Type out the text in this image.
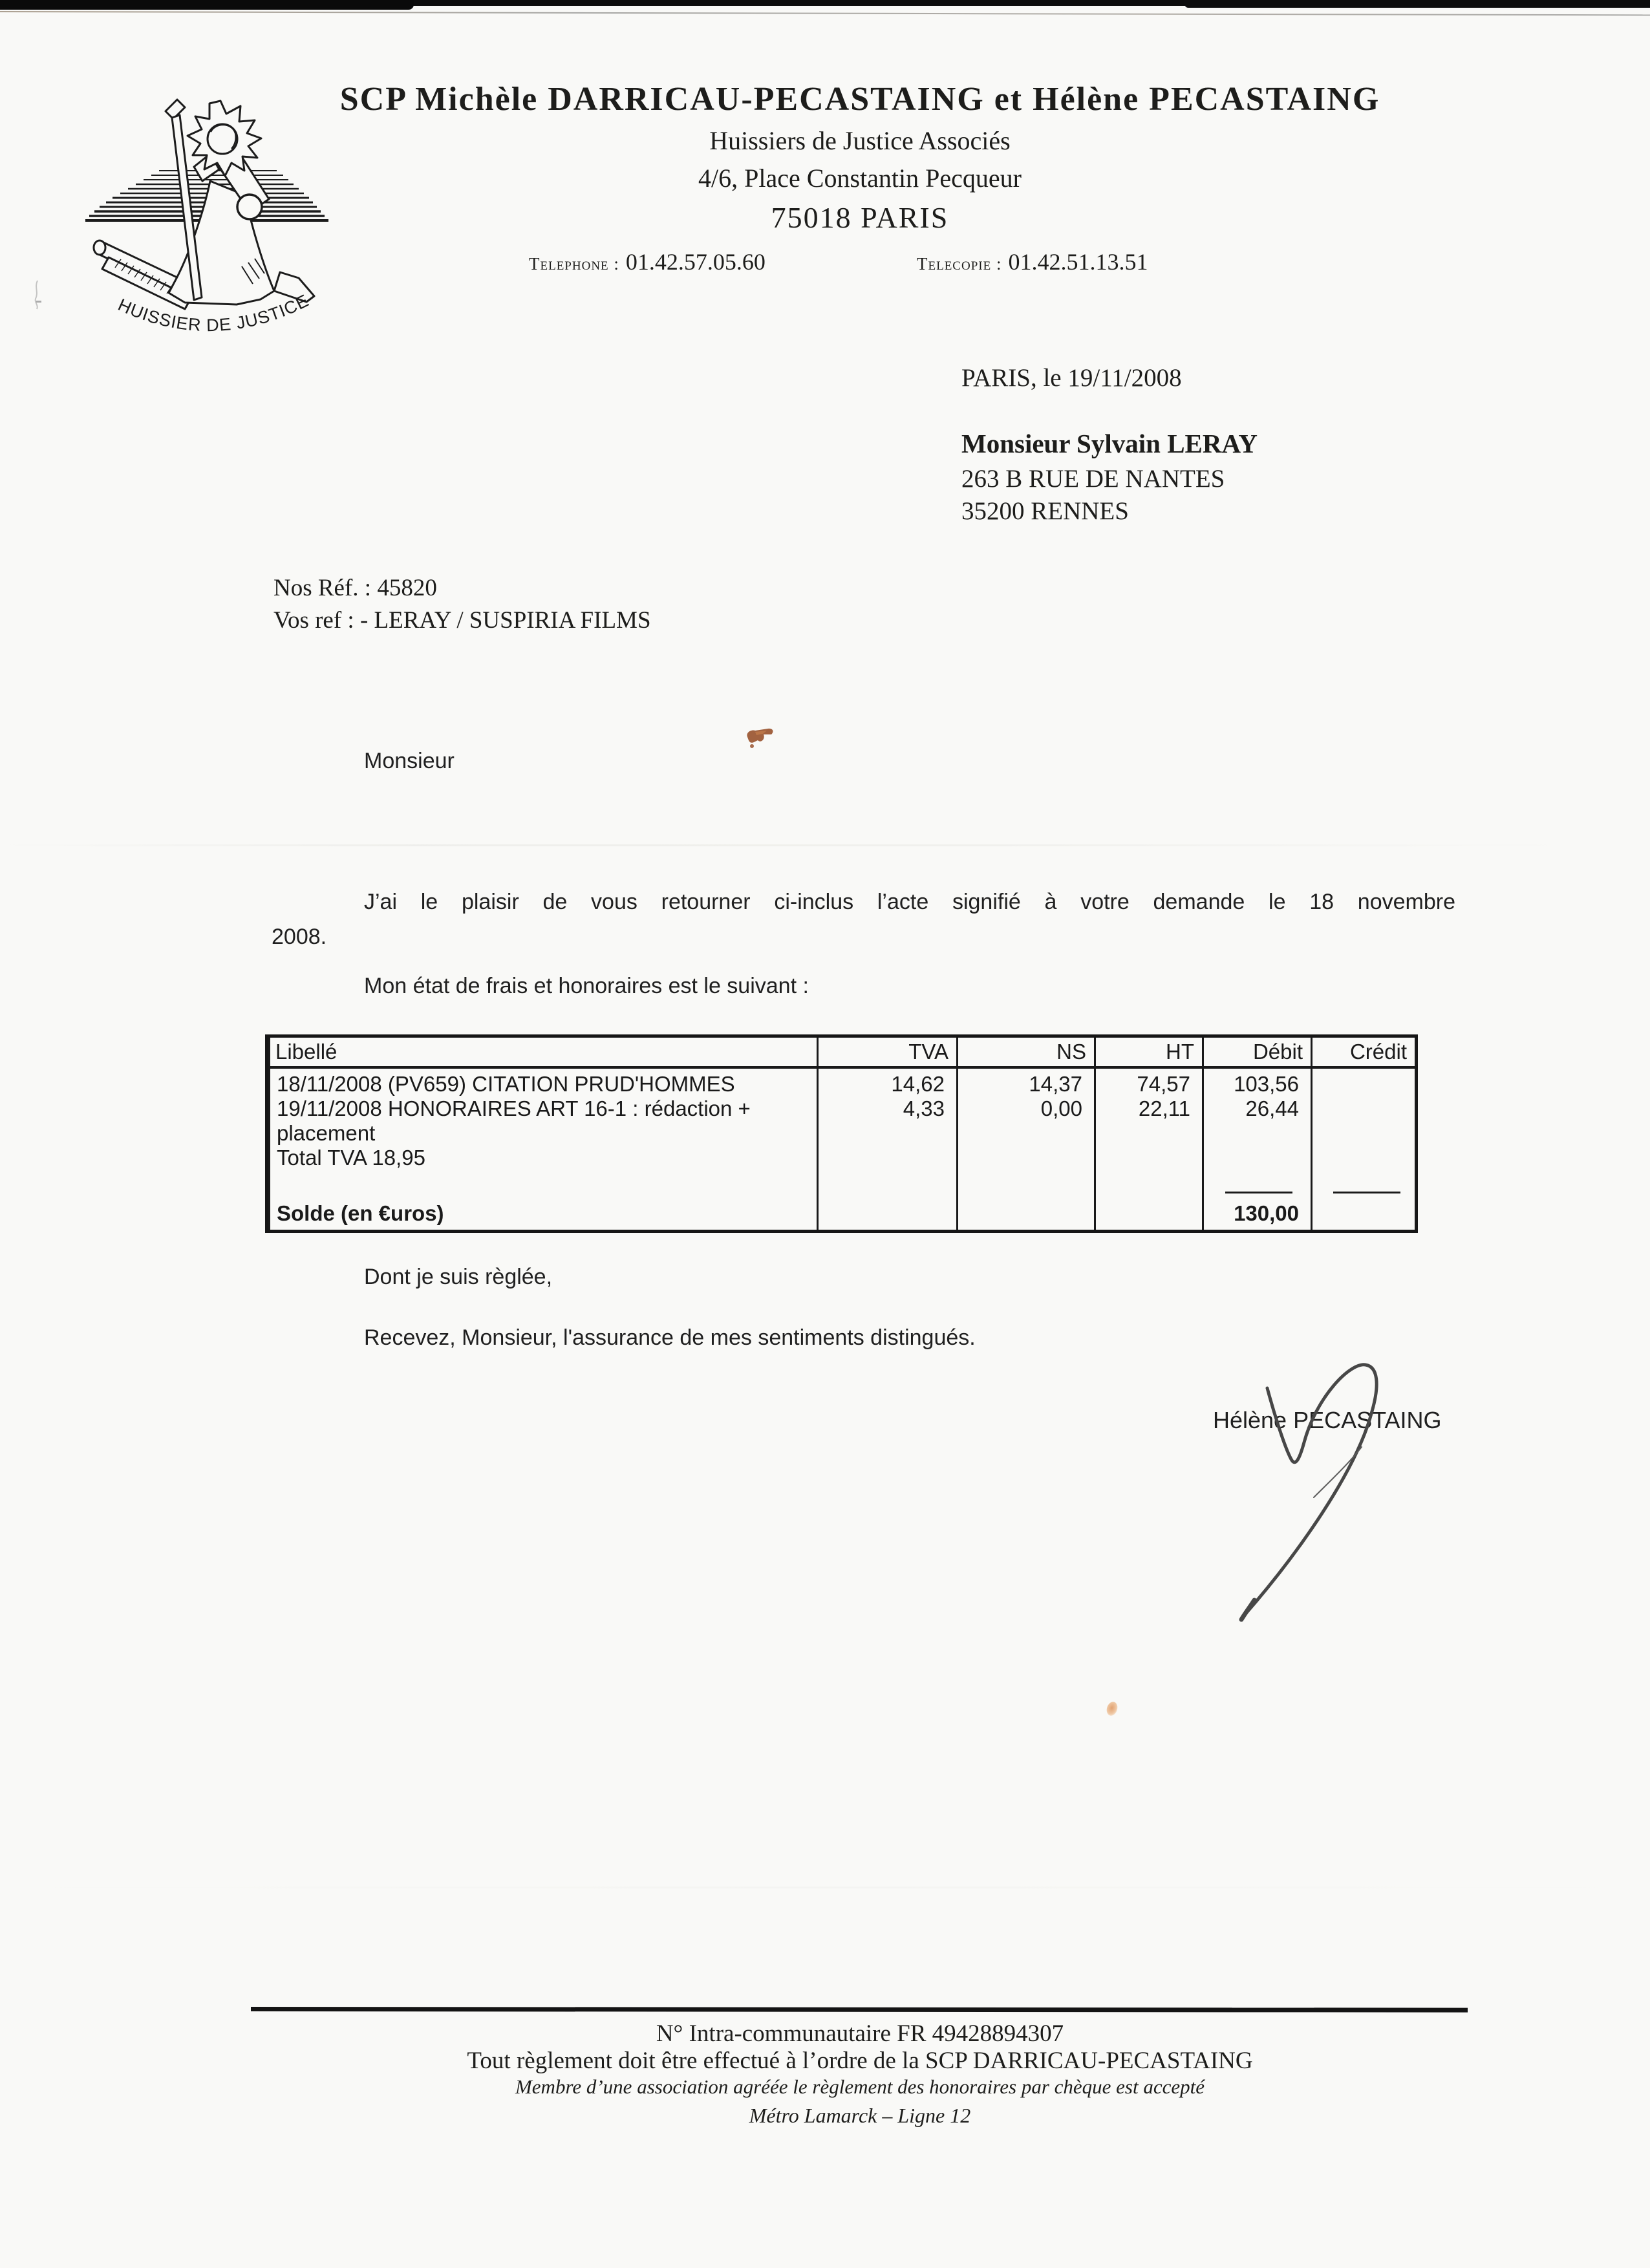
HUISSIER DE JUSTICE
SCP Michèle DARRICAU-PECASTAING et Hélène PECASTAING
Huissiers de Justice Associés
4/6, Place Constantin Pecqueur
75018 PARIS
Telephone : 01.42.57.05.60	Telecopie : 01.42.51.13.51
PARIS, le 19/11/2008
Monsieur Sylvain LERAY
263 B RUE DE NANTES
35200 RENNES
Nos Réf. : 45820
Vos ref : - LERAY / SUSPIRIA FILMS
Monsieur
J’ai le plaisir de vous retourner ci-inclus l’acte signifié à votre demande le 18 novembre
2008.
Mon état de frais et honoraires est le suivant :
Libellé	TVA	NS	HT	Débit	Crédit
18/11/2008 (PV659) CITATION PRUD'HOMMES	14,62	14,37	74,57	103,56	

19/11/2008 HONORAIRES ART 16-1 : rédaction + placement	4,33	0,00	22,11	26,44	
Total TVA 18,95					

Solde (en €uros)				130,00	
Dont je suis règlée,
Recevez, Monsieur, l'assurance de mes sentiments distingués.
Hélène PECASTAING
N° Intra-communautaire FR 49428894307
Tout règlement doit être effectué à l’ordre de la SCP DARRICAU-PECASTAING
Membre d’une association agréée le règlement des honoraires par chèque est accepté
Métro Lamarck – Ligne 12
